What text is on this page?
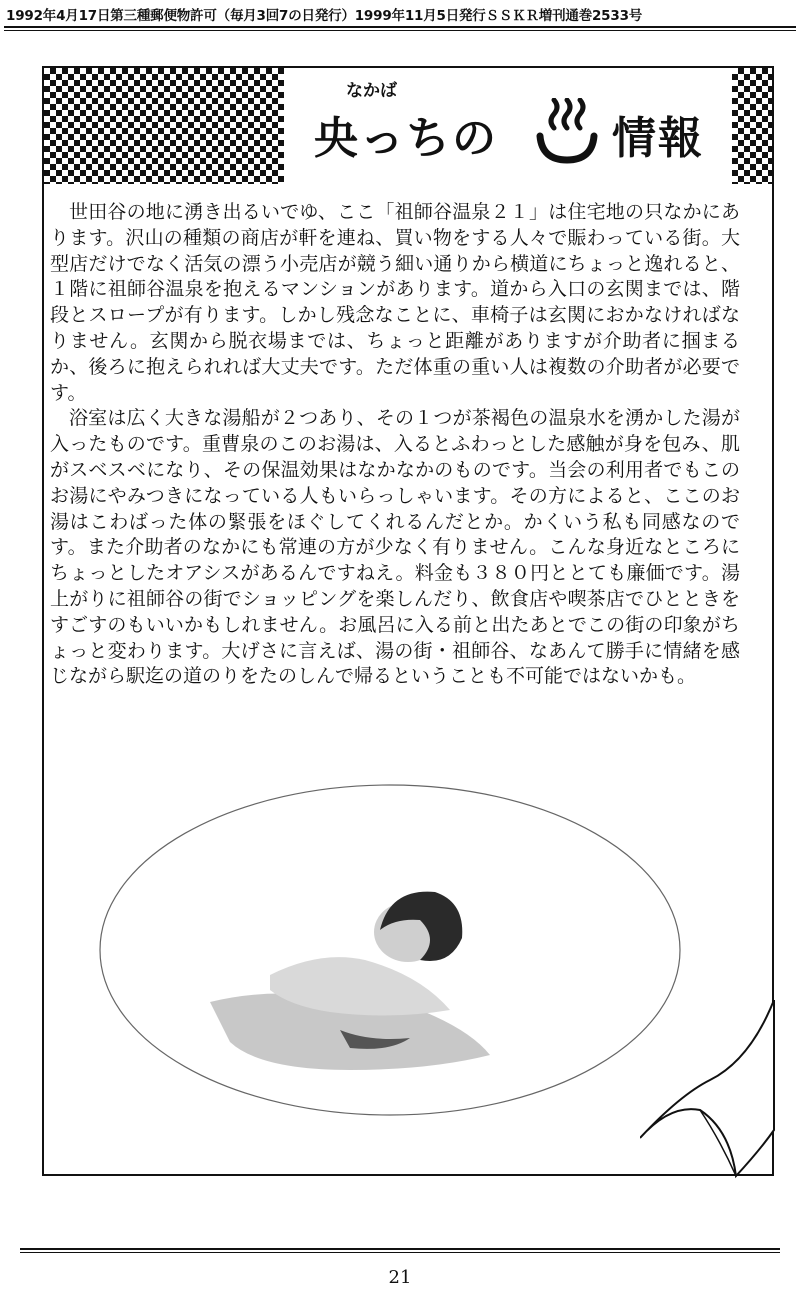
1992年4月17日第三種郵便物許可（毎月3回7の日発行）1999年11月5日発行ＳＳＫＲ増刊通巻2533号
なかば
央っちの	情報

世田谷の地に湧き出るいでゆ、ここ「祖師谷温泉２１」は住宅地の只なかにあります。沢山の種類の商店が軒を連ね、買い物をする人々で賑わっている街。大型店だけでなく活気の漂う小売店が競う細い通りから横道にちょっと逸れると、１階に祖師谷温泉を抱えるマンションがあります。道から入口の玄関までは、階段とスロープが有ります。しかし残念なことに、車椅子は玄関におかなければなりません。玄関から脱衣場までは、ちょっと距離がありますが介助者に掴まるか、後ろに抱えられれば大丈夫です。ただ体重の重い人は複数の介助者が必要です。

浴室は広く大きな湯船が２つあり、その１つが茶褐色の温泉水を湧かした湯が入ったものです。重曹泉のこのお湯は、入るとふわっとした感触が身を包み、肌がスベスベになり、その保温効果はなかなかのものです。当会の利用者でもこのお湯にやみつきになっている人もいらっしゃいます。その方によると、ここのお湯はこわばった体の緊張をほぐしてくれるんだとか。かくいう私も同感なのです。また介助者のなかにも常連の方が少なく有りません。こんな身近なところにちょっとしたオアシスがあるんですねえ。料金も３８０円ととても廉価です。湯上がりに祖師谷の街でショッピングを楽しんだり、飲食店や喫茶店でひとときをすごすのもいいかもしれません。お風呂に入る前と出たあとでこの街の印象がちょっと変わります。大げさに言えば、湯の街・祖師谷、なあんて勝手に情緒を感じながら駅迄の道のりをたのしんで帰るということも不可能ではないかも。

21
